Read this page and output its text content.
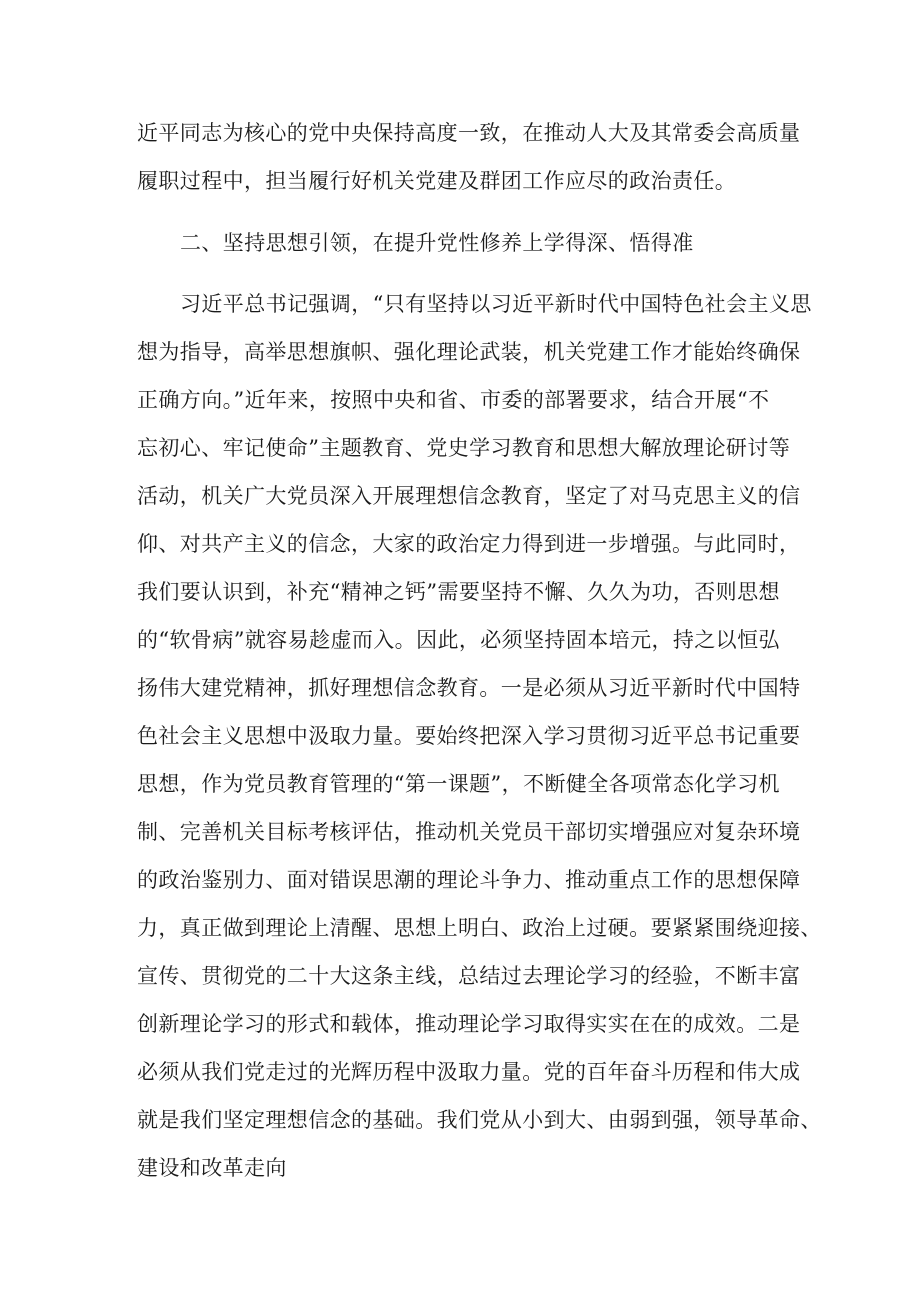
近平同志为核心的党中央保持高度一致，在推动人大及其常委会高质量
履职过程中，担当履行好机关党建及群团工作应尽的政治责任。
二、坚持思想引领，在提升党性修养上学得深、悟得准
习近平总书记强调，“只有坚持以习近平新时代中国特色社会主义思
想为指导，高举思想旗帜、强化理论武装，机关党建工作才能始终确保
正确方向。”近年来，按照中央和省、市委的部署要求，结合开展“不
忘初心、牢记使命”主题教育、党史学习教育和思想大解放理论研讨等
活动，机关广大党员深入开展理想信念教育，坚定了对马克思主义的信
仰、对共产主义的信念，大家的政治定力得到进一步增强。与此同时，
我们要认识到，补充“精神之钙”需要坚持不懈、久久为功，否则思想
的“软骨病”就容易趁虚而入。因此，必须坚持固本培元，持之以恒弘
扬伟大建党精神，抓好理想信念教育。一是必须从习近平新时代中国特
色社会主义思想中汲取力量。要始终把深入学习贯彻习近平总书记重要
思想，作为党员教育管理的“第一课题”，不断健全各项常态化学习机
制、完善机关目标考核评估，推动机关党员干部切实增强应对复杂环境
的政治鉴别力、面对错误思潮的理论斗争力、推动重点工作的思想保障
力，真正做到理论上清醒、思想上明白、政治上过硬。要紧紧围绕迎接、
宣传、贯彻党的二十大这条主线，总结过去理论学习的经验，不断丰富
创新理论学习的形式和载体，推动理论学习取得实实在在的成效。二是
必须从我们党走过的光辉历程中汲取力量。党的百年奋斗历程和伟大成
就是我们坚定理想信念的基础。我们党从小到大、由弱到强，领导革命、
建设和改革走向
